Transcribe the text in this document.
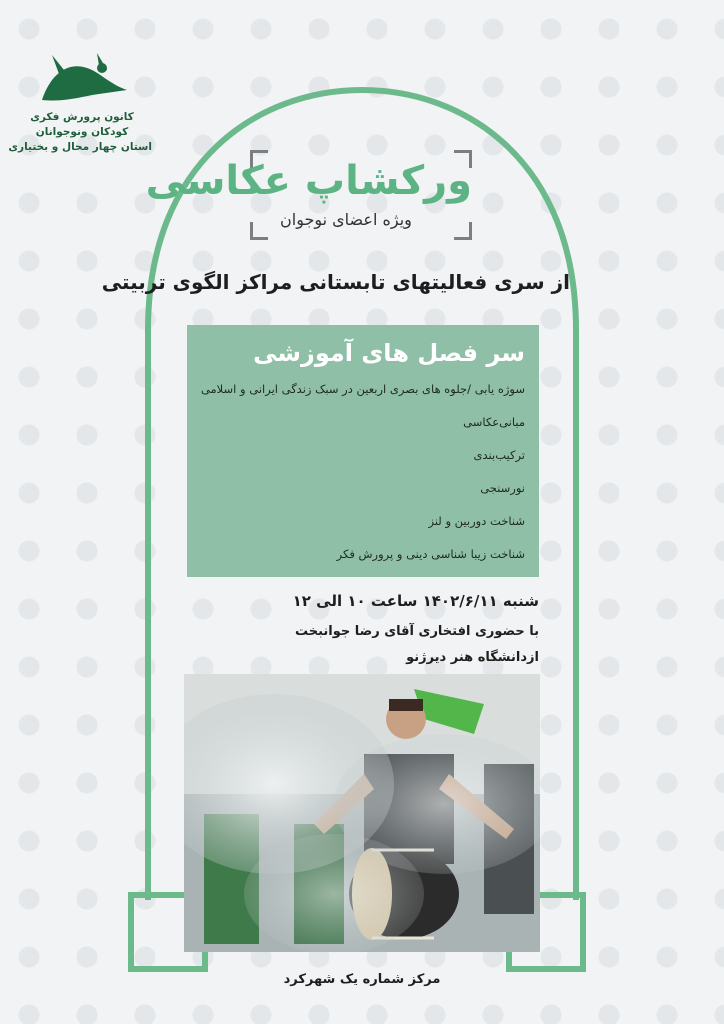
کانون پرورش فکری
کودکان ونوجوانان
استان چهار محال و بختیاری
ورکشاپ عکاسی
ویژه اعضای نوجوان
از سری فعالیتهای تابستانی مراکز الگوی تربیتی
سر فصل های آموزشی
سوژه یابی /جلوه های بصری اربعین در سبک زندگی ایرانی و اسلامی
مبانی‌عکاسی
ترکیب‌بندی
نورسنجی
شناخت دوربین و لنز
شناخت زیبا شناسی دینی و پرورش فکر
شنبه ۱۴۰۲/۶/۱۱ ساعت ۱۰ الی ۱۲
با حضوری افتخاری آقای رضا جوانبخت
ازدانشگاه هنر دیرژنو
مرکز شماره یک شهرکرد
